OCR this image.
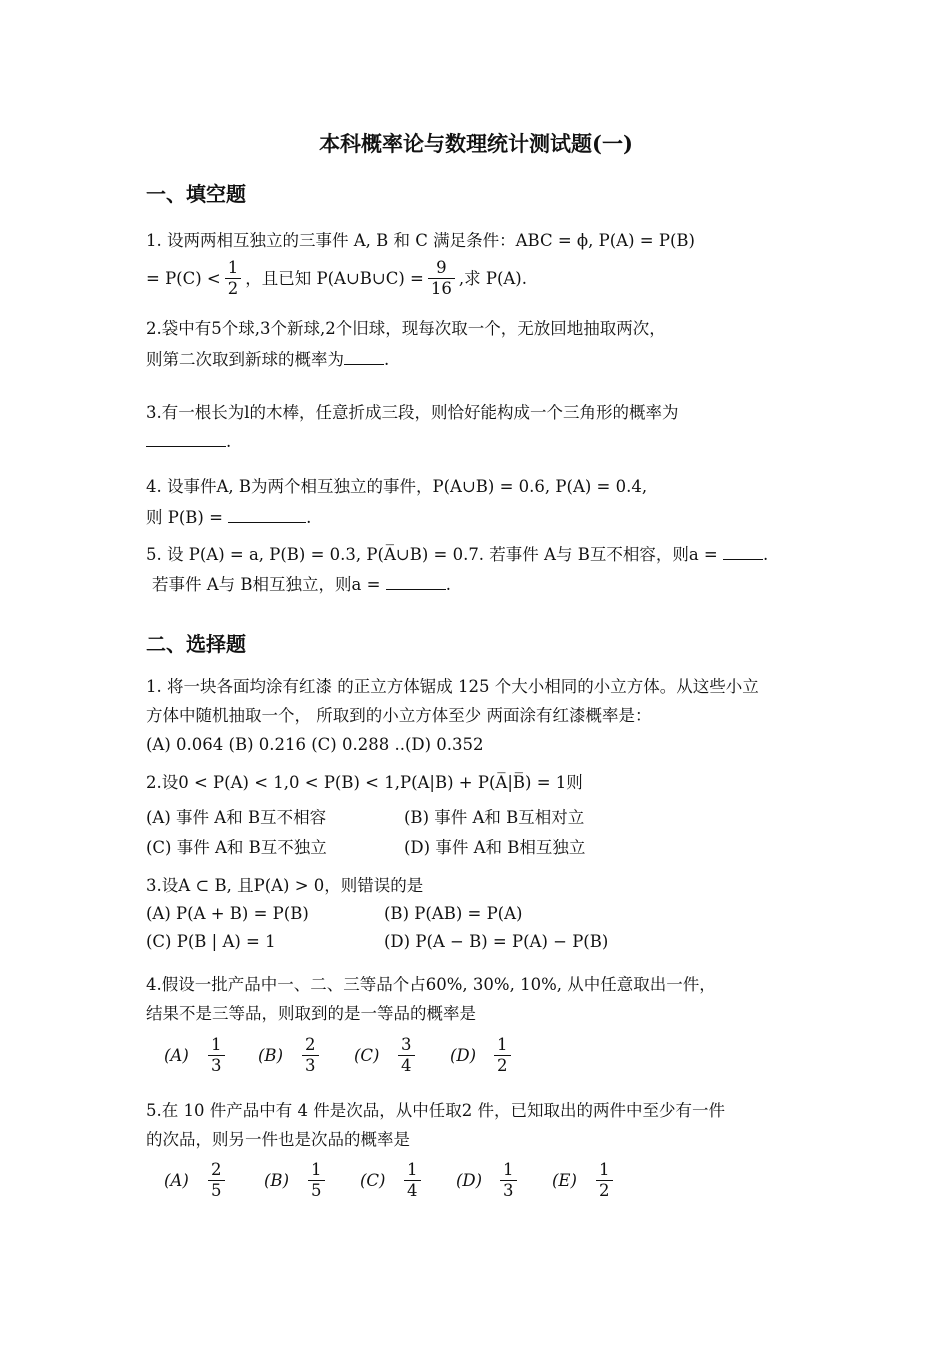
本科概率论与数理统计测试题(一)
一、填空题
1. 设两两相互独立的三事件 A, B 和 C 满足条件：ABC = ϕ, P(A) = P(B)
= $P(C) < \frac{1}{2}$ ，且已知 P(A∪B∪C) = $\frac{9}{16}$ ,求 P(A).
2.袋中有5个球,3个新球,2个旧球，现每次取一个，无放回地抽取两次，
则第二次取到新球的概率为 .
3.有一根长为l的木棒，任意折成三段，则恰好能构成一个三角形的概率为
.
4. 设事件A, B为两个相互独立的事件，P(A∪B) = 0.6, P(A) = 0.4,
则 P(B) =	.
5. 设 P(A) = a, P(B) = 0.3, P(A̅∪B) = 0.7. 若事件 A与 B互不相容，则a =	.
若事件 A与 B相互独立，则a =	.
二、选择题
1. 将一块各面均涂有红漆 的正立方体锯成 125 个大小相同的小立方体。从这些小立
方体中随机抽取一个， 所取到的小立方体至少 两面涂有红漆概率是：
(A) 0.064 (B) 0.216 (C) 0.288 ..(D) 0.352
2.设0 < P(A) < 1,0 < P(B) < 1,P(A|B) + P(A̅|B̅) = 1则
(A) 事件 A和 B互不相容	(B) 事件 A和 B互相对立
(C) 事件 A和 B互不独立	(D) 事件 A和 B相互独立
3.设A ⊂ B, 且P(A) > 0，则错误的是
(A) P(A + B) = P(B)	(B) P(AB) = P(A)
(C) P(B | A) = 1	(D) P(A − B) = P(A) − P(B)
4.假设一批产品中一、二、三等品个占60%, 30%, 10%, 从中任意取出一件，
结果不是三等品，则取到的是一等品的概率是
(A)	$\frac{1}{3} (B)$	$\frac{2}{3} (C)$	$\frac{3}{4} (D)$	$\frac{1}{2}$
5.在 10 件产品中有 4 件是次品，从中任取2 件，已知取出的两件中至少有一件
的次品，则另一件也是次品的概率是
(A)	$\frac{2}{5} (B)$	$\frac{1}{5} (C)$	$\frac{1}{4} (D)$	$\frac{1}{3} (E)$	$\frac{1}{2}$
